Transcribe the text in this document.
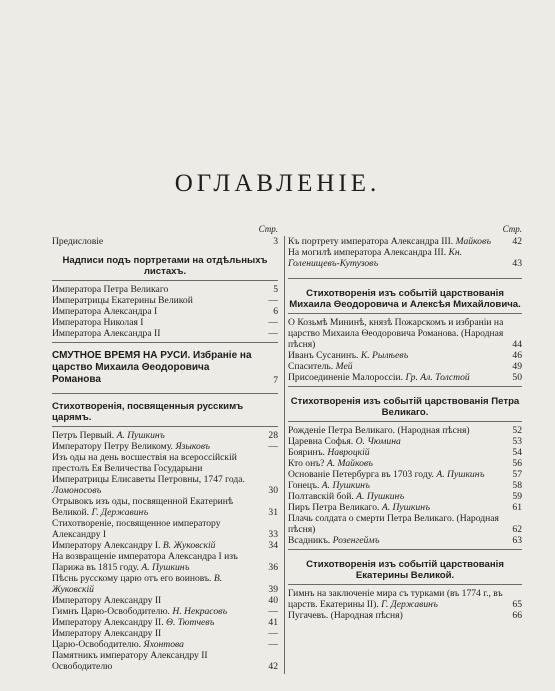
ОГЛАВЛЕНІЕ.
Стр.
Предисловіе	3
Надписи подъ портретами на отдѣльныхъ листахъ.
Императора Петра Великаго	5
Императрицы Екатерины Великой	—
Императора Александра I	6
Императора Николая I	—
Императора Александра II	—
СМУТНОЕ ВРЕМЯ НА РУСИ. Избраніе на царство Михаила Θеодоровича Романова	7
Стихотворенія, посвященныя русскимъ царямъ.
Петръ Первый. А. Пушкинъ	28
Императору Петру Великому. Языковъ	—
Изъ оды на день восшествія на всероссійскій престолъ Ея Величества Государыни Императрицы Елисаветы Петровны, 1747 года. Ломоносовъ	30
Отрывокъ изъ оды, посвященной Екатеринѣ Великой. Г. Державинъ	31
Стихотвореніе, посвященное императору Александру I	33
Императору Александру I. В. Жуковскій	34
На возвращеніе императора Александра I изъ Парижа въ 1815 году. А. Пушкинъ	36
Пѣснь русскому царю отъ его воиновъ. В. Жуковскій	39
Императору Александру II	40
Гимнъ Царю-Освободителю. Н. Некрасовъ	—
Императору Александру II. Θ. Тютчевъ	41
Императору Александру II	—
Царю-Освободителю. Яхонтова	—
Памятникъ императору Александру II Освободителю	42
Стр.
Къ портрету императора Александра III. Майковъ	42
На могилѣ императора Александра III. Кн. Голенищевъ-Кутузовъ	43
Стихотворенія изъ событій царствованія Михаила Θеодоровича и Алексѣя Михайловича.
О Козьмѣ Мининѣ, князѣ Пожарскомъ и избраніи на царство Михаила Θеодоровича Романова. (Народная пѣсня)	44
Иванъ Сусанинъ. К. Рылѣевъ	46
Спаситель. Мей	49
Присоединеніе Малороссіи. Гр. Ал. Толстой	50
Стихотворенія изъ событій царствованія Петра Великаго.
Рожденіе Петра Великаго. (Народная пѣсня)	52
Царевна Софья. О. Чюмина	53
Бояринъ. Навроцкій	54
Кто онъ? А. Майковъ	56
Основаніе Петербурга въ 1703 году. А. Пушкинъ	57
Гонецъ. А. Пушкинъ	58
Полтавскій бой. А. Пушкинъ	59
Пиръ Петра Великаго. А. Пушкинъ	61
Плачь солдата о смерти Петра Великаго. (Народная пѣсня)	62
Всадникъ. Розенгеймъ	63
Стихотворенія изъ событій царствованія Екатерины Великой.
Гимнъ на заключеніе мира съ турками (въ 1774 г., въ царств. Екатерины II). Г. Державинъ	65
Пугачевъ. (Народная пѣсня)	66
